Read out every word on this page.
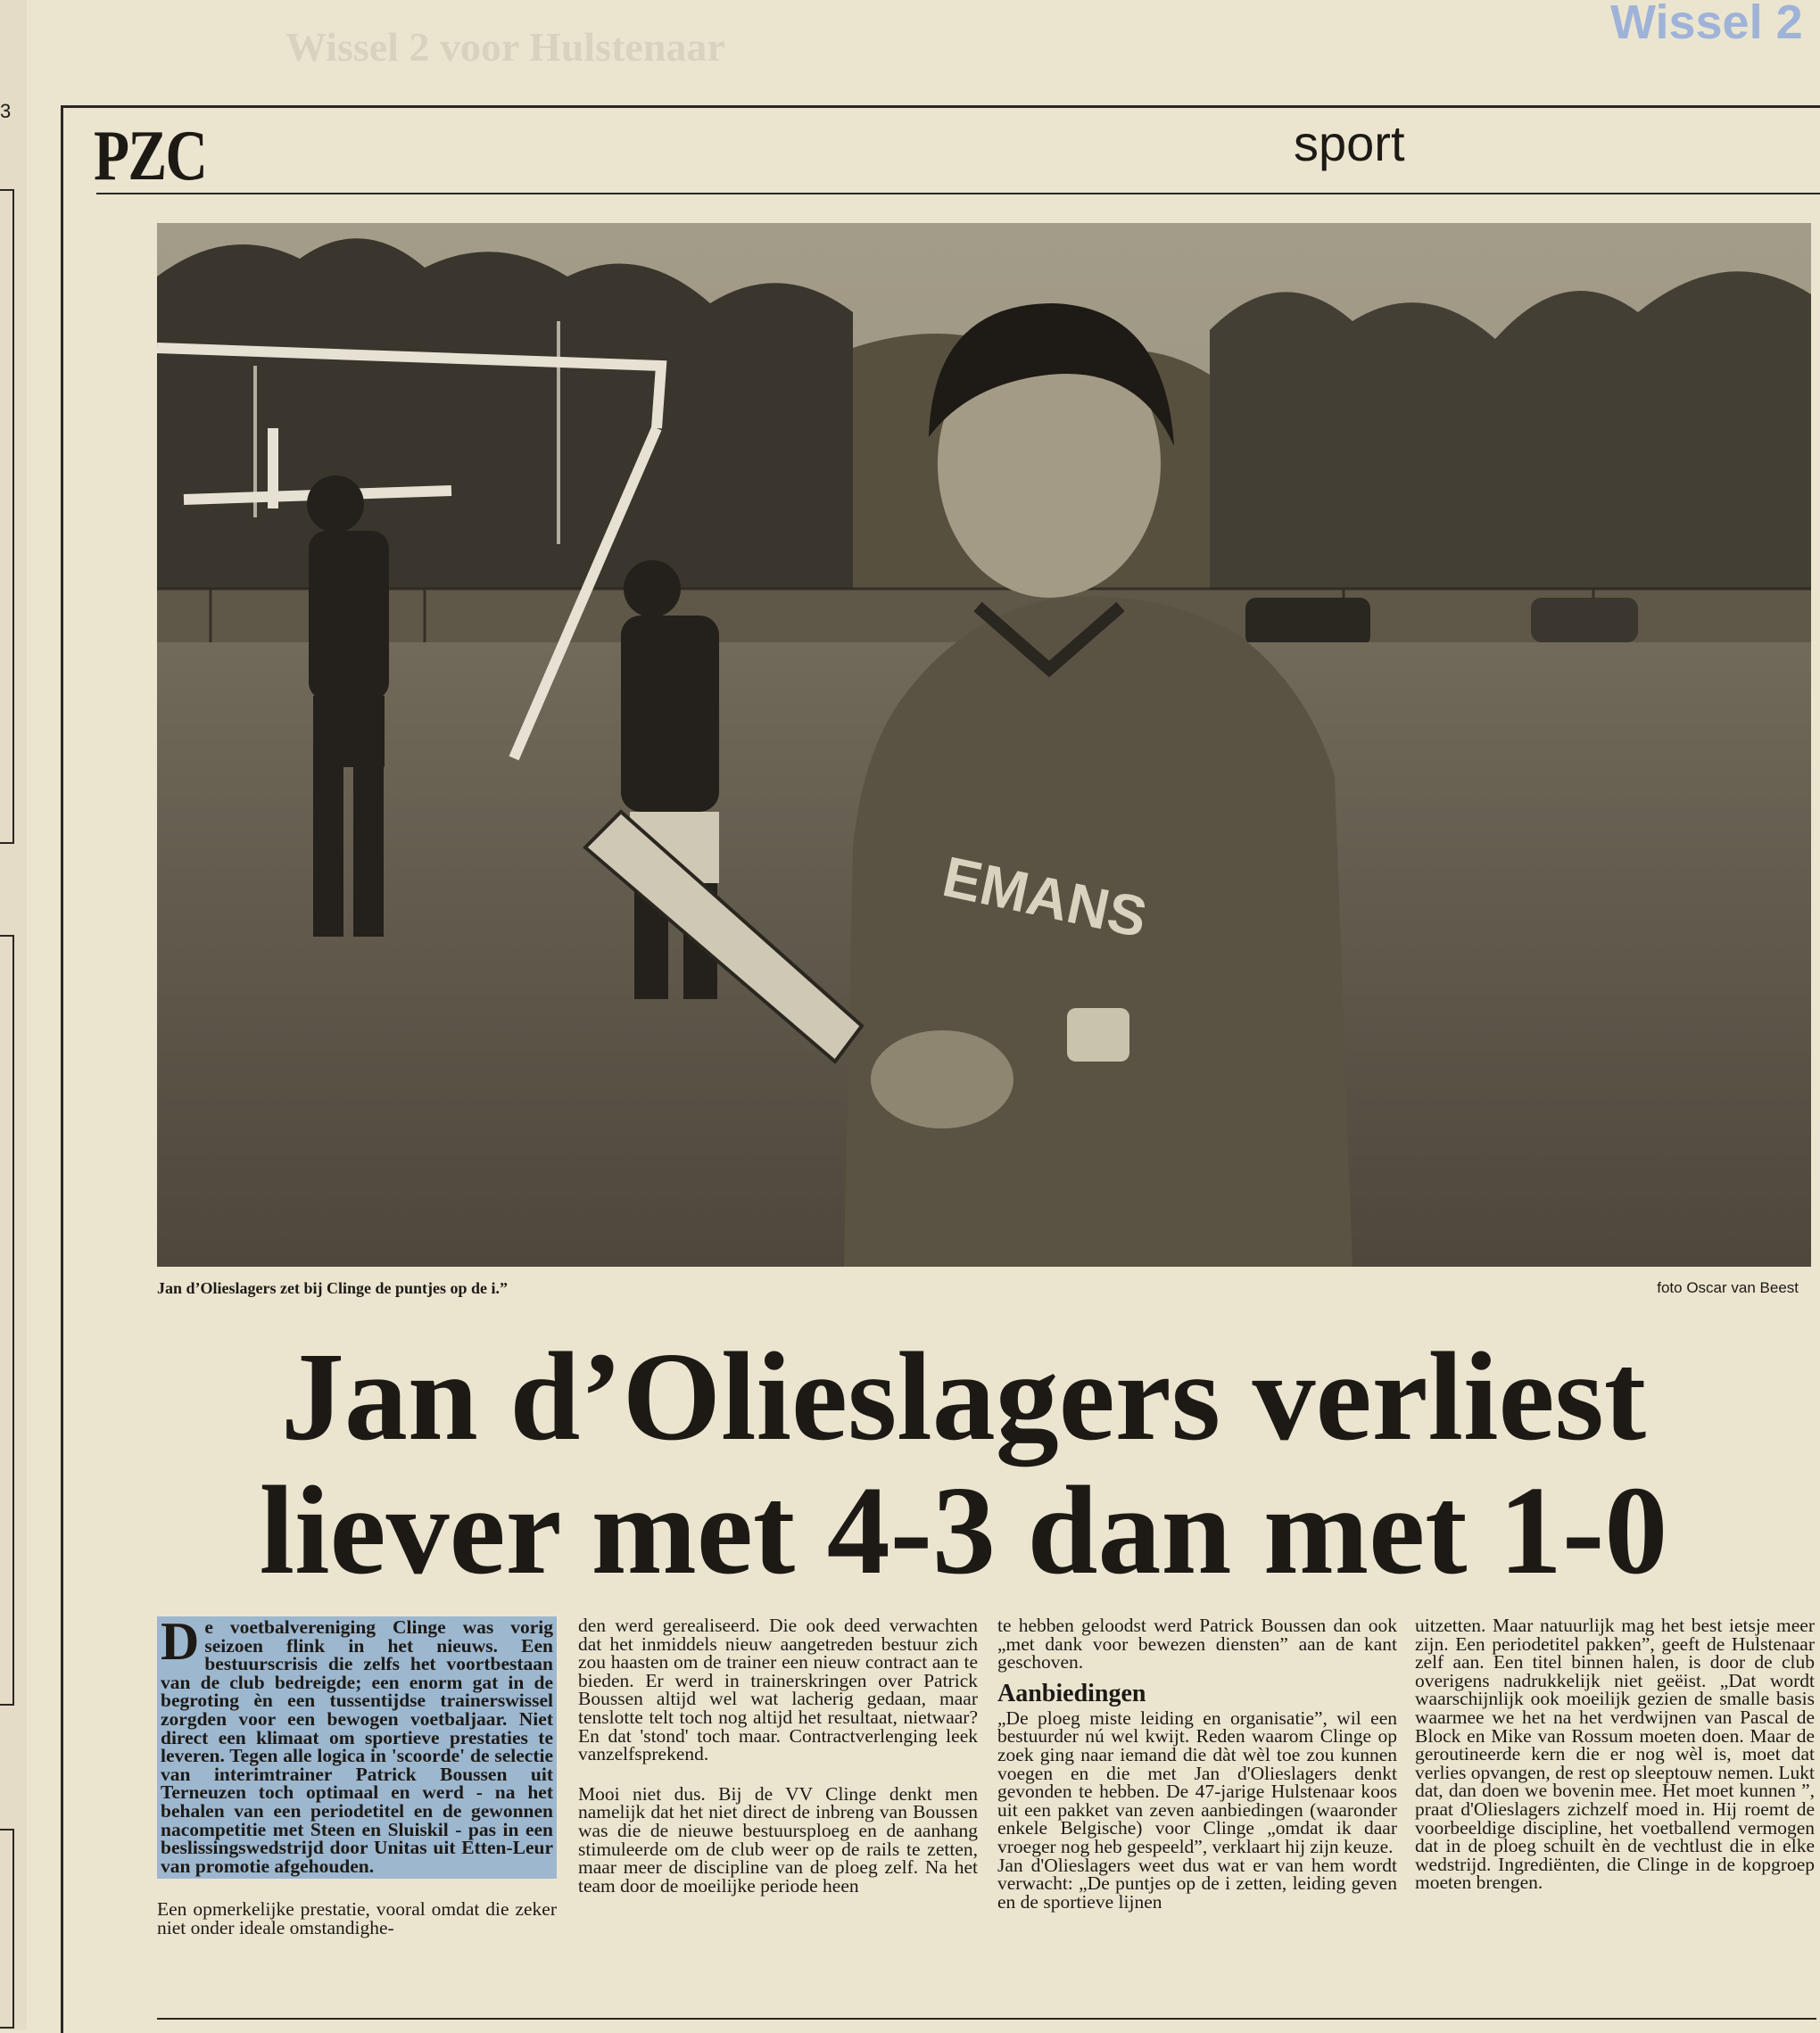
3
Wissel 2 voor Hulstenaar	Wissel 2
PZC	sport
EMANS
Jan d’Olieslagers zet bij Clinge de puntjes op de i.”	foto Oscar van Beest
Jan d’Olieslagers verliest
liever met 4-3 dan met 1-0
D e voetbalvereniging Clinge was vorig seizoen flink in het nieuws. Een bestuurscrisis die zelfs het voortbestaan van de club bedreigde; een enorm gat in de begroting èn een tussentijdse trainerswissel zorgden voor een bewogen voetbaljaar. Niet direct een klimaat om sportieve prestaties te leveren. Tegen alle logica in 'scoorde' de selectie van interimtrainer Patrick Boussen uit Terneuzen toch optimaal en werd - na het behalen van een periodetitel en de gewonnen nacompetitie met Steen en Sluiskil - pas in een beslissingswedstrijd door Unitas uit Etten-Leur van promotie afgehouden.

Een opmerkelijke prestatie, vooral omdat die zeker niet onder ideale omstandighe-

den werd gerealiseerd. Die ook deed verwachten dat het inmiddels nieuw aangetreden bestuur zich zou haasten om de trainer een nieuw contract aan te bieden. Er werd in trainerskringen over Patrick Boussen altijd wel wat lacherig gedaan, maar tenslotte telt toch nog altijd het resultaat, nietwaar? En dat 'stond' toch maar. Contractverlenging leek vanzelfsprekend.

Mooi niet dus. Bij de VV Clinge denkt men namelijk dat het niet direct de inbreng van Boussen was die de nieuwe bestuursploeg en de aanhang stimuleerde om de club weer op de rails te zetten, maar meer de discipline van de ploeg zelf. Na het team door de moeilijke periode heen

te hebben geloodst werd Patrick Boussen dan ook „met dank voor bewezen diensten” aan de kant geschoven.

Aanbiedingen

„De ploeg miste leiding en organisatie”, wil een bestuurder nú wel kwijt. Reden waarom Clinge op zoek ging naar iemand die dàt wèl toe zou kunnen voegen en die met Jan d'Olieslagers denkt gevonden te hebben. De 47-jarige Hulstenaar koos uit een pakket van zeven aanbiedingen (waaronder enkele Belgische) voor Clinge „omdat ik daar vroeger nog heb gespeeld”, verklaart hij zijn keuze.

Jan d'Olieslagers weet dus wat er van hem wordt verwacht: „De puntjes op de i zetten, leiding geven en de sportieve lijnen

uitzetten. Maar natuurlijk mag het best ietsje meer zijn. Een periodetitel pakken”, geeft de Hulstenaar zelf aan. Een titel binnen halen, is door de club overigens nadrukkelijk niet geëist. „Dat wordt waarschijnlijk ook moeilijk gezien de smalle basis waarmee we het na het verdwijnen van Pascal de Block en Mike van Rossum moeten doen. Maar de geroutineerde kern die er nog wèl is, moet dat verlies opvangen, de rest op sleeptouw nemen. Lukt dat, dan doen we bovenin mee. Het moet kunnen ”, praat d'Olieslagers zichzelf moed in. Hij roemt de voorbeeldige discipline, het voetballend vermogen dat in de ploeg schuilt èn de vechtlust die in elke wedstrijd. Ingrediënten, die Clinge in de kopgroep moeten brengen.
